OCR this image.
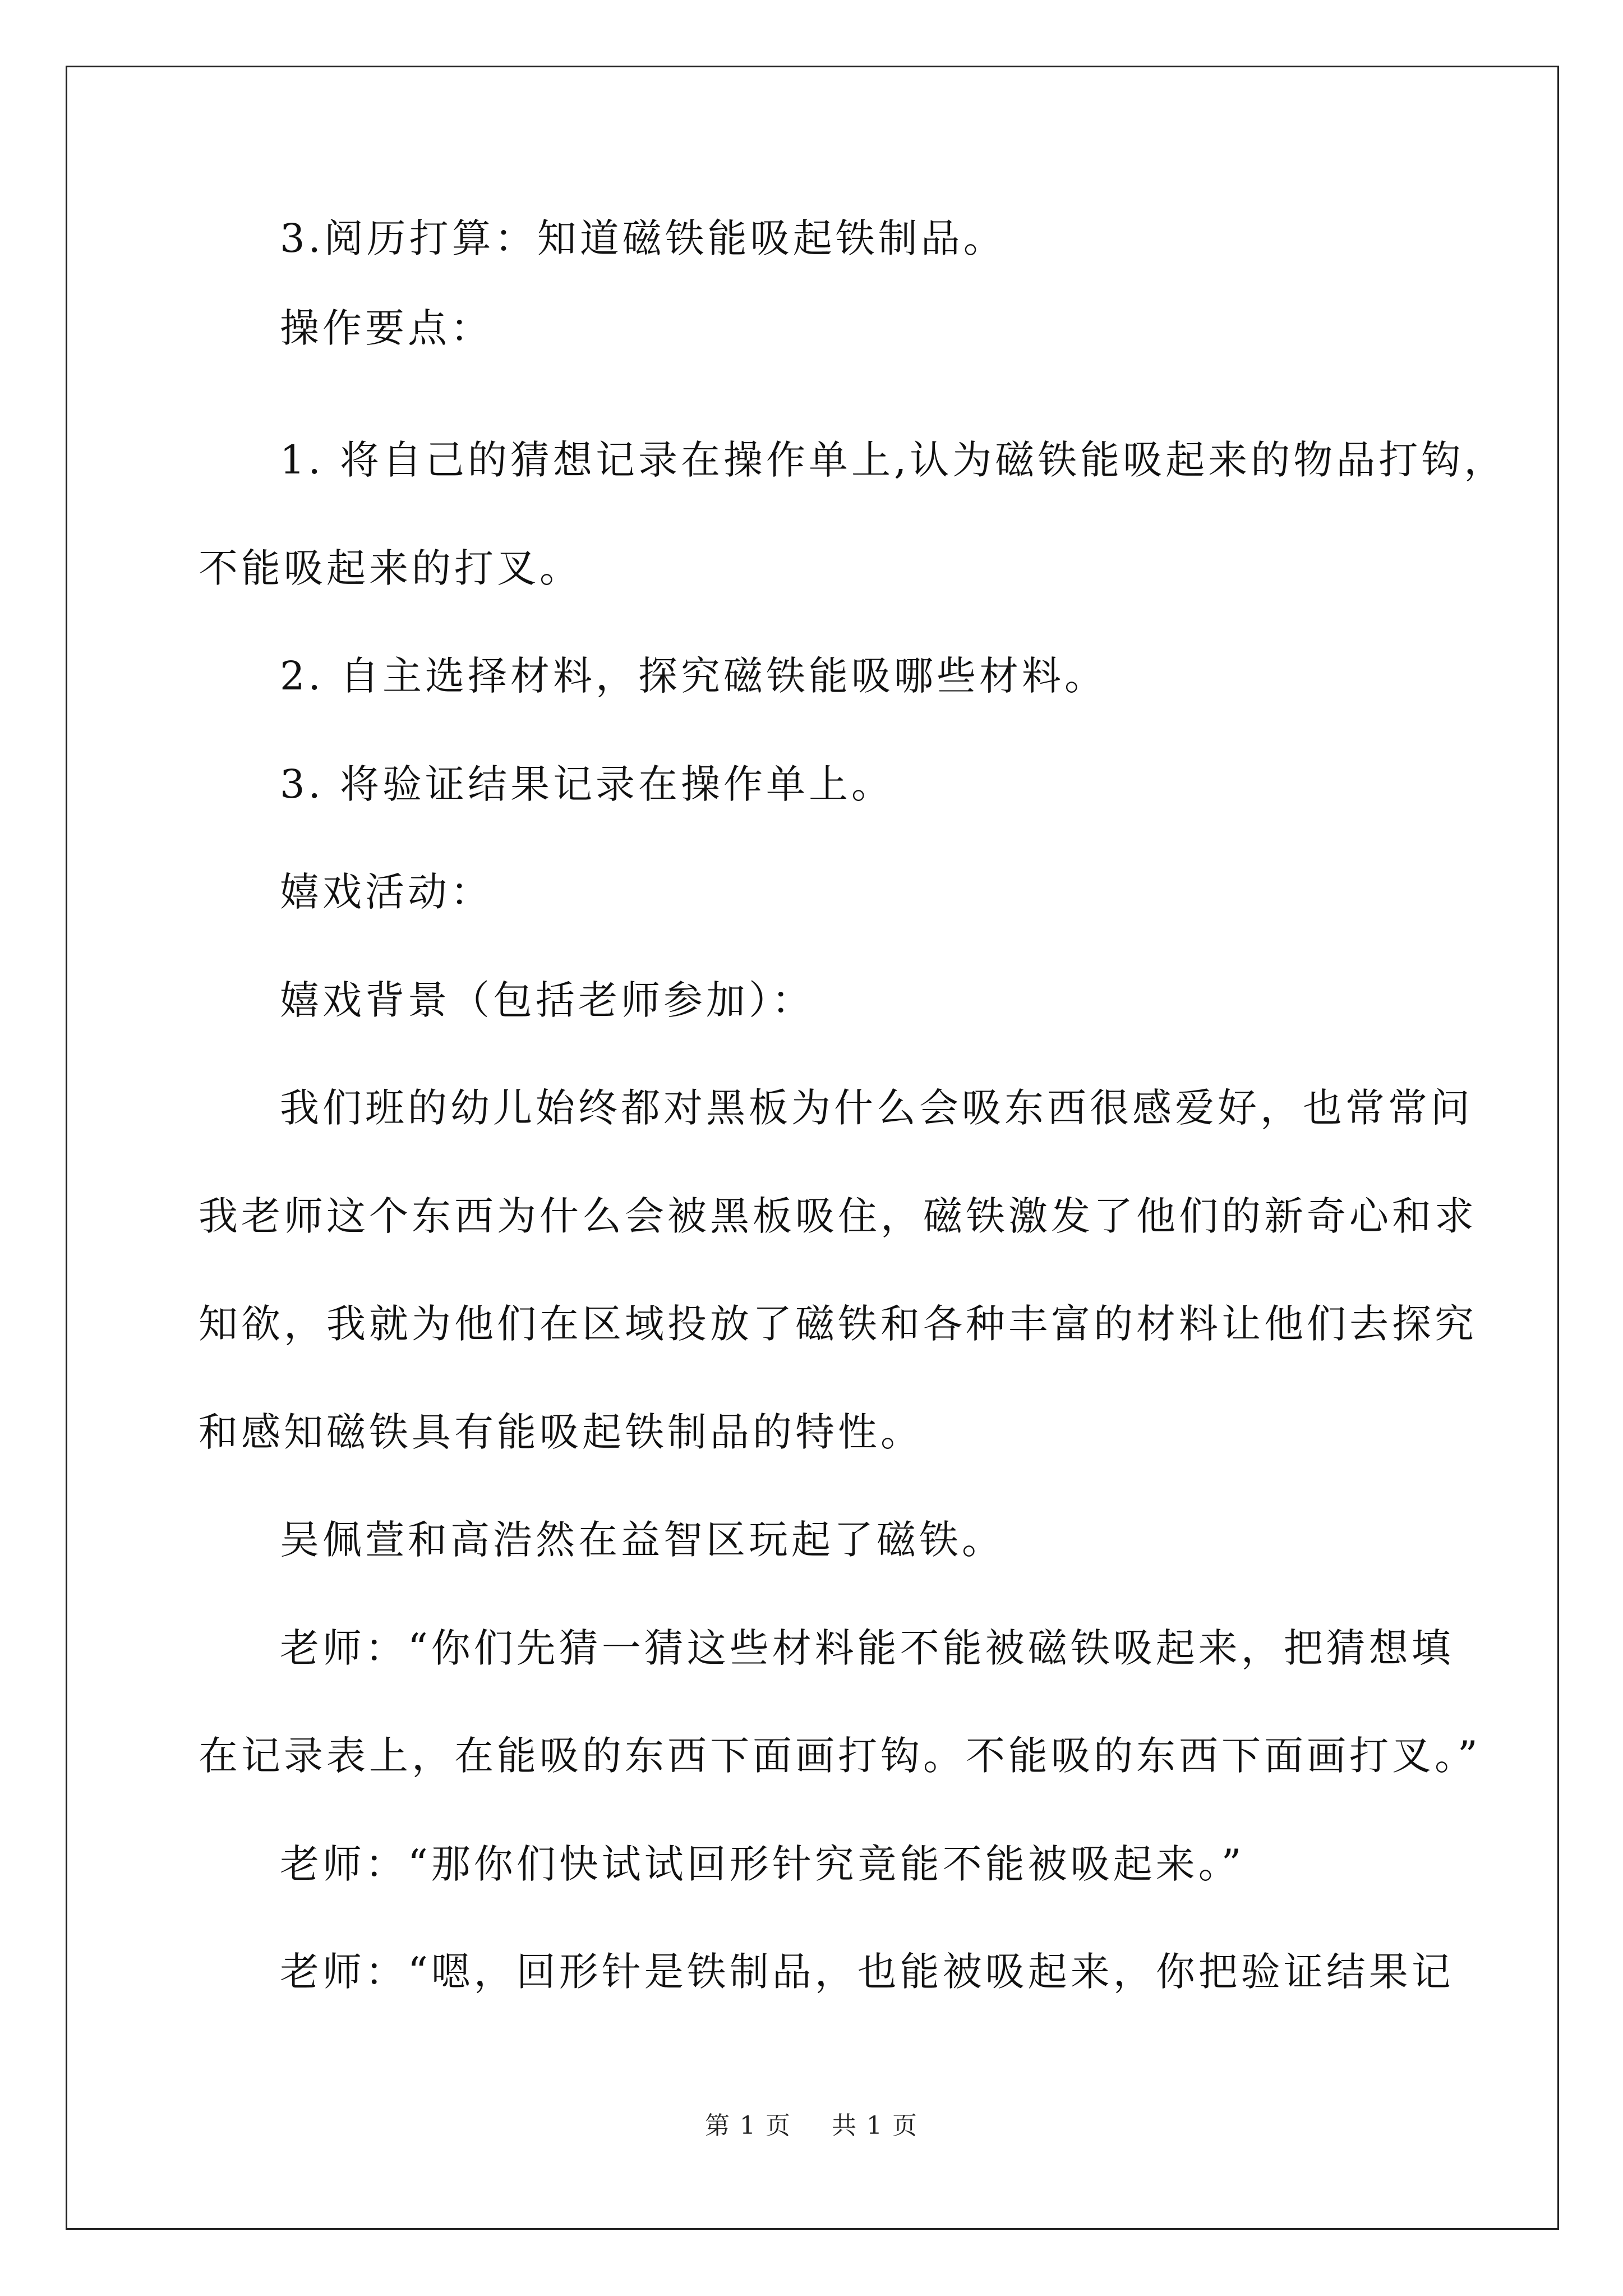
3.阅历打算：知道磁铁能吸起铁制品。
操作要点：
1. 将自己的猜想记录在操作单上,认为磁铁能吸起来的物品打钩，
不能吸起来的打叉。
2. 自主选择材料，探究磁铁能吸哪些材料。
3. 将验证结果记录在操作单上。
嬉戏活动：
嬉戏背景（包括老师参加）：
我们班的幼儿始终都对黑板为什么会吸东西很感爱好，也常常问
我老师这个东西为什么会被黑板吸住，磁铁激发了他们的新奇心和求
知欲，我就为他们在区域投放了磁铁和各种丰富的材料让他们去探究
和感知磁铁具有能吸起铁制品的特性。
吴佩萱和高浩然在益智区玩起了磁铁。
老师：“你们先猜一猜这些材料能不能被磁铁吸起来，把猜想填
在记录表上，在能吸的东西下面画打钩。不能吸的东西下面画打叉。”
老师：“那你们快试试回形针究竟能不能被吸起来。”
老师：“嗯，回形针是铁制品，也能被吸起来，你把验证结果记
第 1 页 共 1 页
